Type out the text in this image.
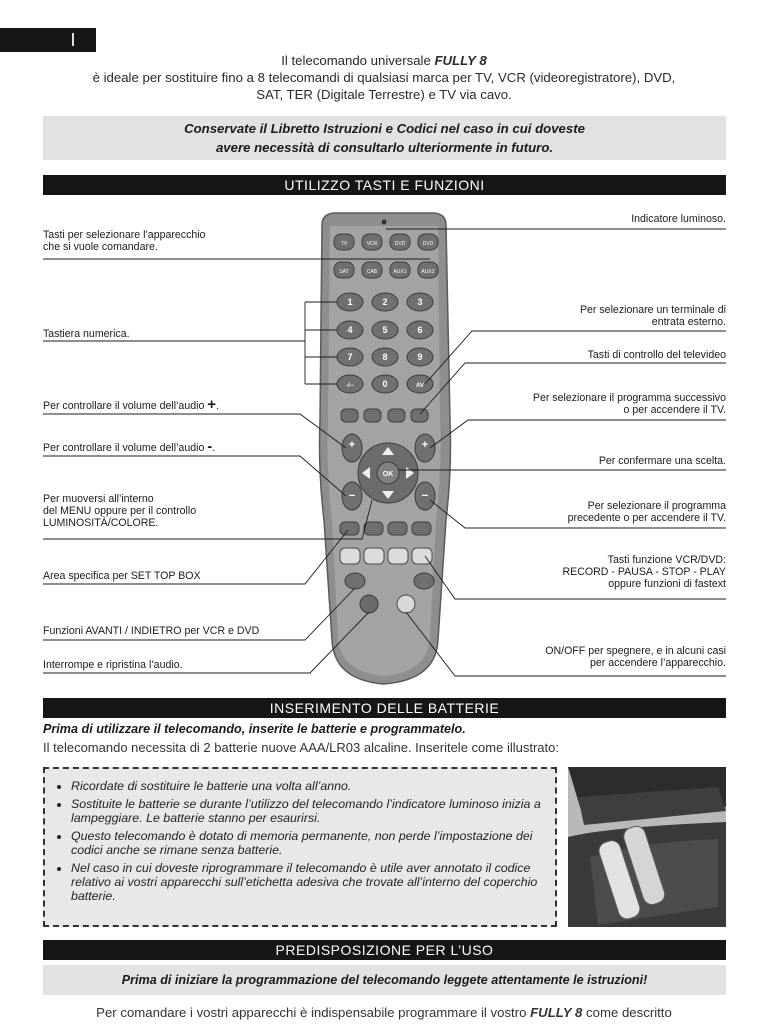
I
Il telecomando universale FULLY 8
è ideale per sostituire fino a 8 telecomandi di qualsiasi marca per TV, VCR (videoregistratore), DVD,
SAT, TER (Digitale Terrestre) e TV via cavo.
Conservate il Libretto Istruzioni e Codici nel caso in cui doveste
avere necessità di consultarlo ulteriormente in futuro.
UTILIZZO TASTI E FUNZIONI
TV	VCR	DVD	DVD
SAT	CAB	AUX1	AUX2
1	2	3
4	5	6
7	8	9
-/--	0	AV
+
−
+
−
OK
Tasti per selezionare l’apparecchio
che si vuole comandare.
Tastiera numerica.
Per controllare il volume dell’audio +.
Per controllare il volume dell’audio -.
Per muoversi all’interno
del MENU oppure per il controllo
LUMINOSITÀ/COLORE.
Area specifica per SET TOP BOX
Funzioni AVANTI / INDIETRO per VCR e DVD
Interrompe e ripristina l’audio.
Indicatore luminoso.
Per selezionare un terminale di
entrata esterno.
Tasti di controllo del televideo
Per selezionare il programma successivo
o per accendere il TV.
Per confermare una scelta.
Per selezionare il programma
precedente o per accendere il TV.
Tasti funzione VCR/DVD:
RECORD - PAUSA - STOP - PLAY
oppure funzioni di fastext
ON/OFF per spegnere, e in alcuni casi
per accendere l’apparecchio.
INSERIMENTO DELLE BATTERIE
Prima di utilizzare il telecomando, inserite le batterie e programmatelo.
Il telecomando necessita di 2 batterie nuove AAA/LR03 alcaline. Inseritele come illustrato:
• Ricordate di sostituire le batterie una volta all’anno.
• Sostituite le batterie se durante l’utilizzo del telecomando l’indicatore luminoso inizia a lampeggiare. Le batterie stanno per esaurirsi.
• Questo telecomando è dotato di memoria permanente, non perde l’impostazione dei codici anche se rimane senza batterie.
• Nel caso in cui doveste riprogrammare il telecomando è utile aver annotato il codice relativo ai vostri apparecchi sull’etichetta adesiva che trovate all’interno del coperchio batterie.
PREDISPOSIZIONE PER L’USO
Prima di iniziare la programmazione del telecomando leggete attentamente le istruzioni!
Per comandare i vostri apparecchi è indispensabile programmare il vostro FULLY 8 come descritto
